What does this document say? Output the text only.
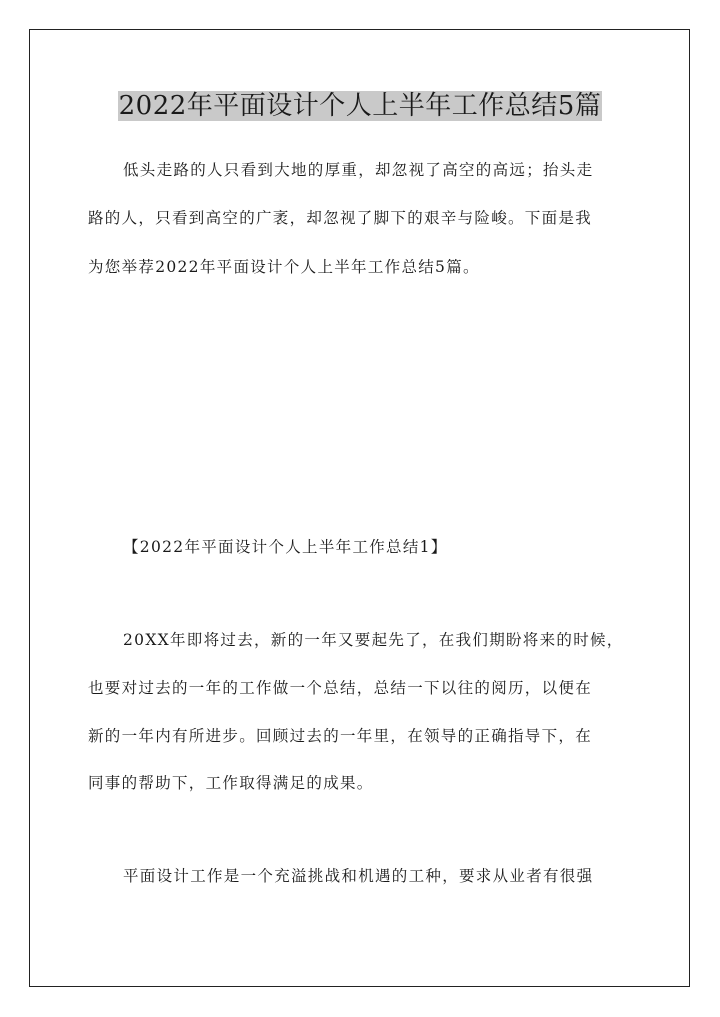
2022年平面设计个人上半年工作总结5篇
低头走路的人只看到大地的厚重，却忽视了高空的高远；抬头走
路的人，只看到高空的广袤，却忽视了脚下的艰辛与险峻。下面是我
为您举荐2022年平面设计个人上半年工作总结5篇。
【2022年平面设计个人上半年工作总结1】
20XX年即将过去，新的一年又要起先了，在我们期盼将来的时候，
也要对过去的一年的工作做一个总结，总结一下以往的阅历，以便在
新的一年内有所进步。回顾过去的一年里，在领导的正确指导下，在
同事的帮助下，工作取得满足的成果。
平面设计工作是一个充溢挑战和机遇的工种，要求从业者有很强
